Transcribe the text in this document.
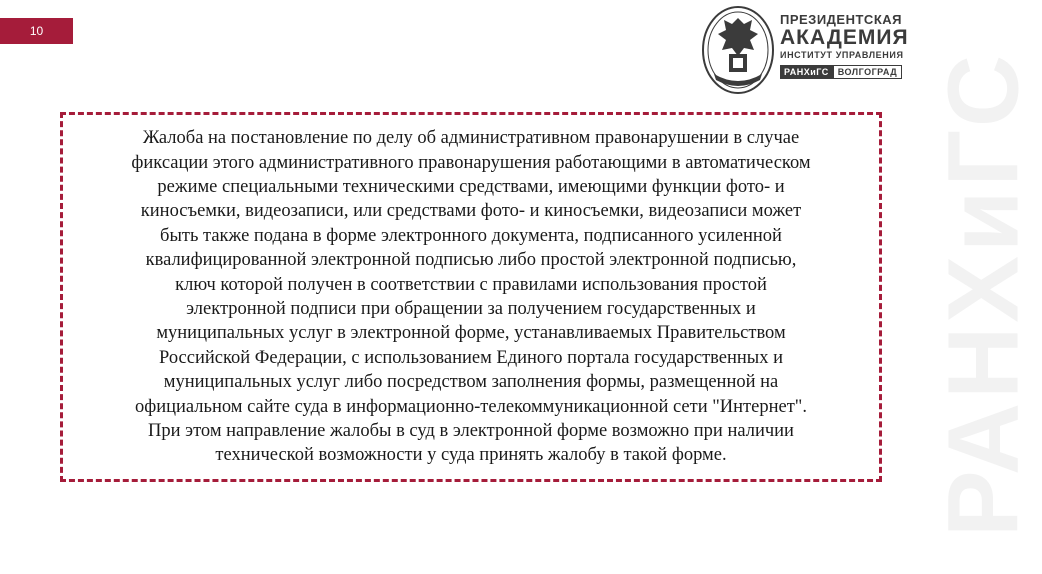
10
ПРЕЗИДЕНТСКАЯ
АКАДЕМИЯ
ИНСТИТУТ УПРАВЛЕНИЯ
РАНХиГС	ВОЛГОГРАД РАНХиГС

Жалоба на постановление по делу об административном правонарушении в случае
фиксации этого административного правонарушения работающими в автоматическом
режиме специальными техническими средствами, имеющими функции фото- и
киносъемки, видеозаписи, или средствами фото- и киносъемки, видеозаписи может
быть также подана в форме электронного документа, подписанного усиленной
квалифицированной электронной подписью либо простой электронной подписью,
ключ которой получен в соответствии с правилами использования простой
электронной подписи при обращении за получением государственных и
муниципальных услуг в электронной форме, устанавливаемых Правительством
Российской Федерации, с использованием Единого портала государственных и
муниципальных услуг либо посредством заполнения формы, размещенной на
официальном сайте суда в информационно-телекоммуникационной сети "Интернет".
При этом направление жалобы в суд в электронной форме возможно при наличии
технической возможности у суда принять жалобу в такой форме.
